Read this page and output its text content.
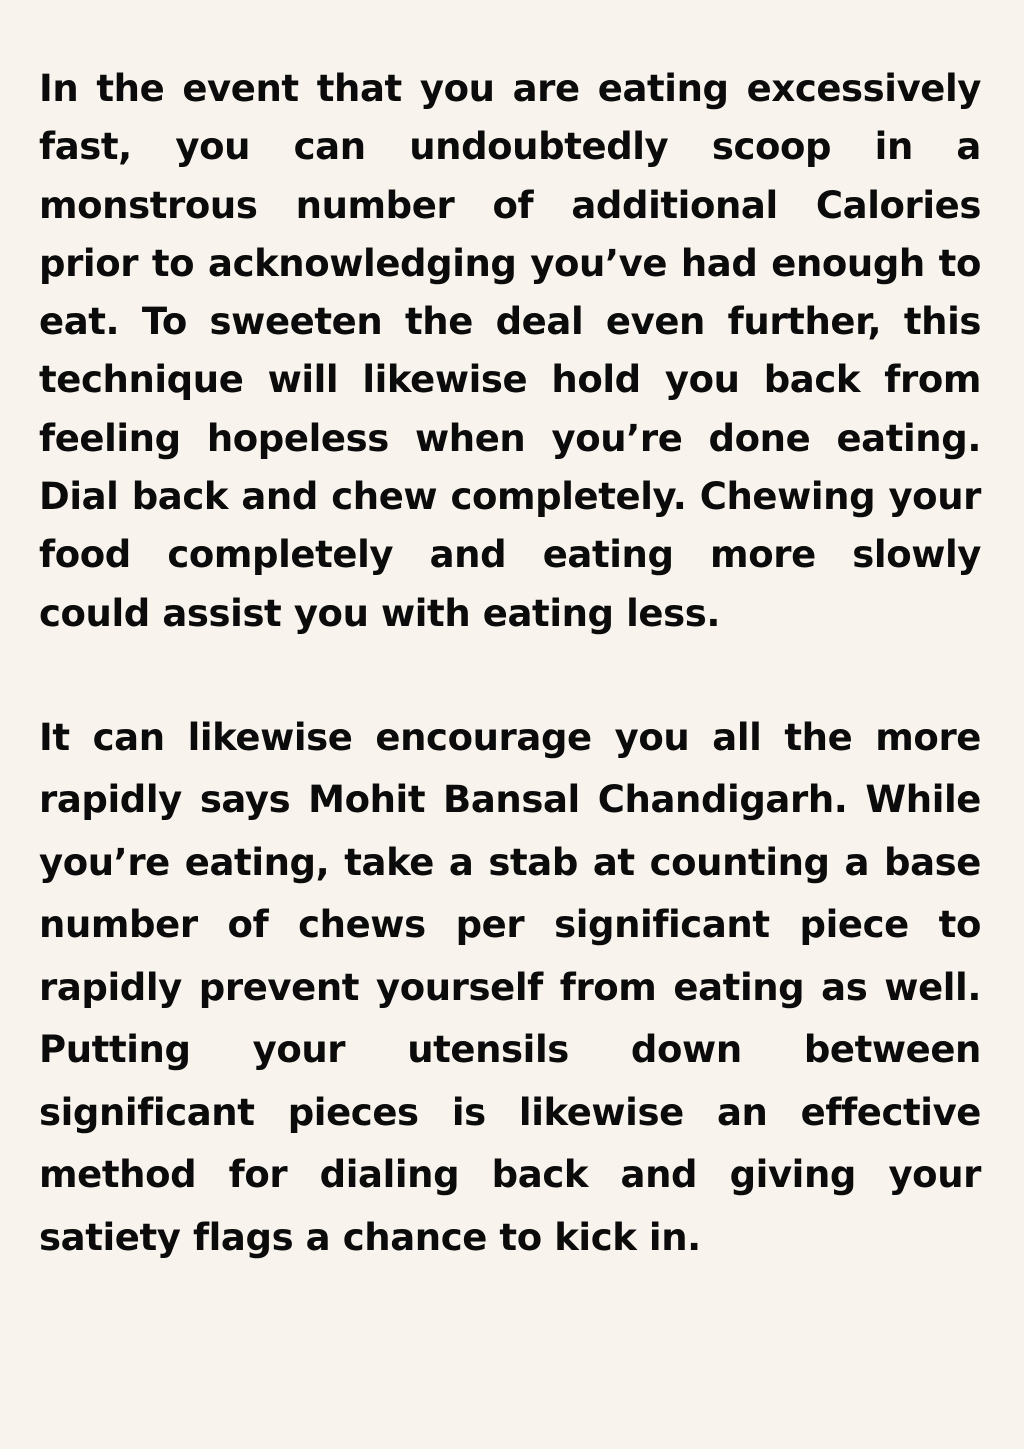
In the event that you are eating excessively fast, you can undoubtedly scoop in a monstrous number of additional Calories prior to acknowledging you’ve had enough to eat. To sweeten the deal even further, this technique will likewise hold you back from feeling hopeless when you’re done eating. Dial back and chew completely. Chewing your food completely and eating more slowly could assist you with eating less.

It can likewise encourage you all the more rapidly says Mohit Bansal Chandigarh. While you’re eating, take a stab at counting a base number of chews per significant piece to rapidly prevent yourself from eating as well. Putting your utensils down between significant pieces is likewise an effective method for dialing back and giving your satiety flags a chance to kick in.
